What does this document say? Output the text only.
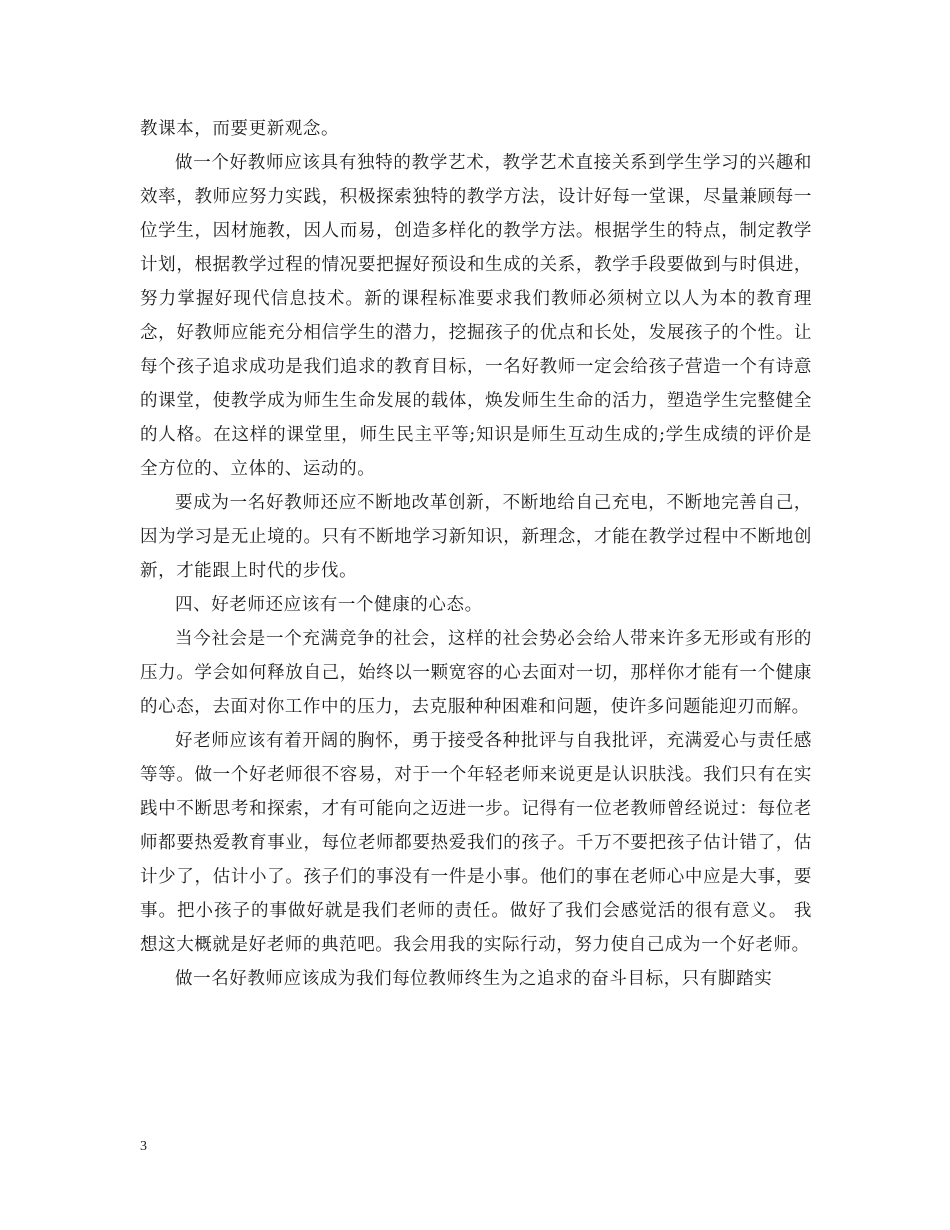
教课本，而要更新观念。

做一个好教师应该具有独特的教学艺术，教学艺术直接关系到学生学习的兴趣和效率，教师应努力实践，积极探索独特的教学方法，设计好每一堂课，尽量兼顾每一位学生，因材施教，因人而易，创造多样化的教学方法。根据学生的特点，制定教学计划，根据教学过程的情况要把握好预设和生成的关系，教学手段要做到与时俱进，努力掌握好现代信息技术。新的课程标准要求我们教师必须树立以人为本的教育理念，好教师应能充分相信学生的潜力，挖掘孩子的优点和长处，发展孩子的个性。让每个孩子追求成功是我们追求的教育目标，一名好教师一定会给孩子营造一个有诗意的课堂，使教学成为师生生命发展的载体，焕发师生生命的活力，塑造学生完整健全的人格。在这样的课堂里，师生民主平等;知识是师生互动生成的;学生成绩的评价是全方位的、立体的、运动的。

要成为一名好教师还应不断地改革创新，不断地给自己充电，不断地完善自己，因为学习是无止境的。只有不断地学习新知识，新理念，才能在教学过程中不断地创新，才能跟上时代的步伐。

四、好老师还应该有一个健康的心态。

当今社会是一个充满竞争的社会，这样的社会势必会给人带来许多无形或有形的压力。学会如何释放自己，始终以一颗宽容的心去面对一切，那样你才能有一个健康的心态，去面对你工作中的压力，去克服种种困难和问题，使许多问题能迎刃而解。

好老师应该有着开阔的胸怀，勇于接受各种批评与自我批评，充满爱心与责任感等等。做一个好老师很不容易，对于一个年轻老师来说更是认识肤浅。我们只有在实践中不断思考和探索，才有可能向之迈进一步。记得有一位老教师曾经说过：每位老师都要热爱教育事业，每位老师都要热爱我们的孩子。千万不要把孩子估计错了，估计少了，估计小了。孩子们的事没有一件是小事。他们的事在老师心中应是大事，要事。把小孩子的事做好就是我们老师的责任。做好了我们会感觉活的很有意义。 我想这大概就是好老师的典范吧。我会用我的实际行动，努力使自己成为一个好老师。

做一名好教师应该成为我们每位教师终生为之追求的奋斗目标，只有脚踏实

3
